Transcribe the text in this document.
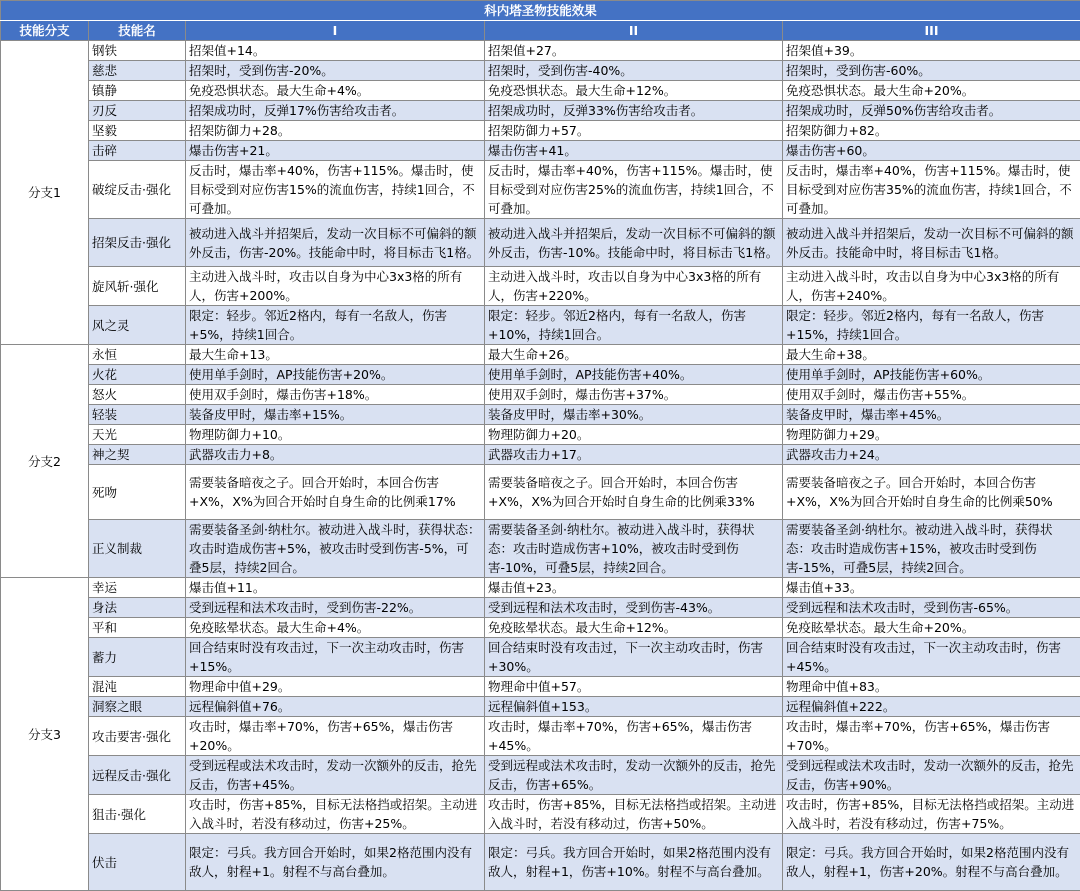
科内塔圣物技能效果				
技能分支	技能名	I	II	III
分支1	钢铁	招架值+14。	招架值+27。	招架值+39。
	慈悲	招架时，受到伤害-20%。	招架时，受到伤害-40%。	招架时，受到伤害-60%。
	镇静	免疫恐惧状态。最大生命+4%。	免疫恐惧状态。最大生命+12%。	免疫恐惧状态。最大生命+20%。
	刃反	招架成功时，反弹17%伤害给攻击者。	招架成功时，反弹33%伤害给攻击者。	招架成功时，反弹50%伤害给攻击者。
	坚毅	招架防御力+28。	招架防御力+57。	招架防御力+82。
	击碎	爆击伤害+21。	爆击伤害+41。	爆击伤害+60。
	破绽反击·强化	反击时，爆击率+40%，伤害+115%。爆击时，使目标受到对应伤害15%的流血伤害，持续1回合，不可叠加。	反击时，爆击率+40%，伤害+115%。爆击时，使目标受到对应伤害25%的流血伤害，持续1回合，不可叠加。	反击时，爆击率+40%，伤害+115%。爆击时，使目标受到对应伤害35%的流血伤害，持续1回合，不可叠加。
	招架反击·强化	被动进入战斗并招架后，发动一次目标不可偏斜的额外反击，伤害-20%。技能命中时，将目标击飞1格。	被动进入战斗并招架后，发动一次目标不可偏斜的额外反击，伤害-10%。技能命中时，将目标击飞1格。	被动进入战斗并招架后，发动一次目标不可偏斜的额外反击。技能命中时，将目标击飞1格。
	旋风斩·强化	主动进入战斗时，攻击以自身为中心3x3格的所有人，伤害+200%。	主动进入战斗时，攻击以自身为中心3x3格的所有人，伤害+220%。	主动进入战斗时，攻击以自身为中心3x3格的所有人，伤害+240%。
	风之灵	限定：轻步。邻近2格内，每有一名敌人，伤害+5%，持续1回合。	限定：轻步。邻近2格内，每有一名敌人，伤害+10%，持续1回合。	限定：轻步。邻近2格内，每有一名敌人，伤害+15%，持续1回合。
分支2	永恒	最大生命+13。	最大生命+26。	最大生命+38。
	火花	使用单手剑时，AP技能伤害+20%。	使用单手剑时，AP技能伤害+40%。	使用单手剑时，AP技能伤害+60%。
	怒火	使用双手剑时，爆击伤害+18%。	使用双手剑时，爆击伤害+37%。	使用双手剑时，爆击伤害+55%。
	轻装	装备皮甲时，爆击率+15%。	装备皮甲时，爆击率+30%。	装备皮甲时，爆击率+45%。
	天光	物理防御力+10。	物理防御力+20。	物理防御力+29。
	神之契	武器攻击力+8。	武器攻击力+17。	武器攻击力+24。
	死吻	需要装备暗夜之子。回合开始时，本回合伤害+X%，X%为回合开始时自身生命的比例乘17%	需要装备暗夜之子。回合开始时，本回合伤害+X%，X%为回合开始时自身生命的比例乘33%	需要装备暗夜之子。回合开始时，本回合伤害+X%，X%为回合开始时自身生命的比例乘50%
	正义制裁	需要装备圣剑·纳杜尔。被动进入战斗时，获得状态：攻击时造成伤害+5%，被攻击时受到伤害-5%，可叠5层，持续2回合。	需要装备圣剑·纳杜尔。被动进入战斗时，获得状态：攻击时造成伤害+10%，被攻击时受到伤害-10%，可叠5层，持续2回合。	需要装备圣剑·纳杜尔。被动进入战斗时，获得状态：攻击时造成伤害+15%，被攻击时受到伤害-15%，可叠5层，持续2回合。
分支3	幸运	爆击值+11。	爆击值+23。	爆击值+33。
	身法	受到远程和法术攻击时，受到伤害-22%。	受到远程和法术攻击时，受到伤害-43%。	受到远程和法术攻击时，受到伤害-65%。
	平和	免疫眩晕状态。最大生命+4%。	免疫眩晕状态。最大生命+12%。	免疫眩晕状态。最大生命+20%。
	蓄力	回合结束时没有攻击过，下一次主动攻击时，伤害+15%。	回合结束时没有攻击过，下一次主动攻击时，伤害+30%。	回合结束时没有攻击过，下一次主动攻击时，伤害+45%。
	混沌	物理命中值+29。	物理命中值+57。	物理命中值+83。
	洞察之眼	远程偏斜值+76。	远程偏斜值+153。	远程偏斜值+222。
	攻击要害·强化	攻击时，爆击率+70%，伤害+65%，爆击伤害+20%。	攻击时，爆击率+70%，伤害+65%，爆击伤害+45%。	攻击时，爆击率+70%，伤害+65%，爆击伤害+70%。
	远程反击·强化	受到远程或法术攻击时，发动一次额外的反击，抢先反击，伤害+45%。	受到远程或法术攻击时，发动一次额外的反击，抢先反击，伤害+65%。	受到远程或法术攻击时，发动一次额外的反击，抢先反击，伤害+90%。
	狙击·强化	攻击时，伤害+85%，目标无法格挡或招架。主动进入战斗时，若没有移动过，伤害+25%。	攻击时，伤害+85%，目标无法格挡或招架。主动进入战斗时，若没有移动过，伤害+50%。	攻击时，伤害+85%，目标无法格挡或招架。主动进入战斗时，若没有移动过，伤害+75%。
	伏击	限定：弓兵。我方回合开始时，如果2格范围内没有敌人，射程+1。射程不与高台叠加。	限定：弓兵。我方回合开始时，如果2格范围内没有敌人，射程+1，伤害+10%。射程不与高台叠加。	限定：弓兵。我方回合开始时，如果2格范围内没有敌人，射程+1，伤害+20%。射程不与高台叠加。
